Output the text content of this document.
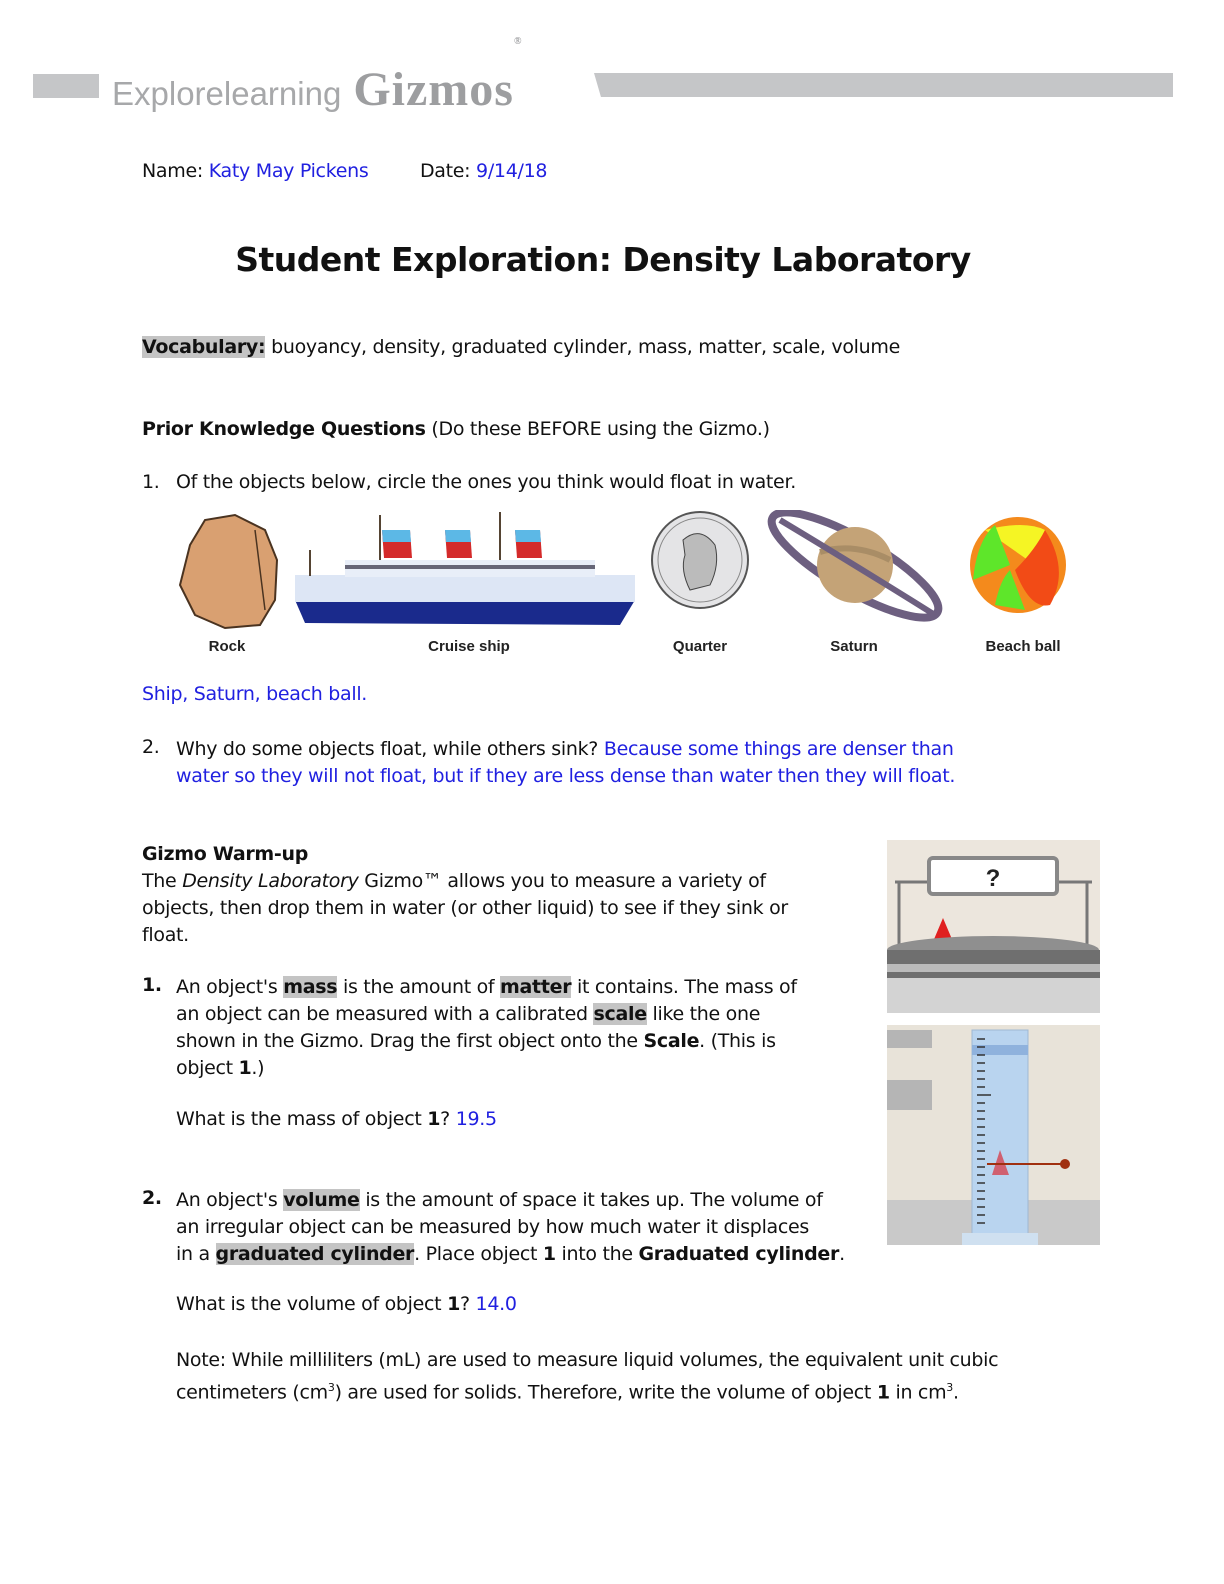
Explorelearning Gizmos®
Name: Katy May Pickens	Date: 9/14/18
Student Exploration: Density Laboratory
Vocabulary: buoyancy, density, graduated cylinder, mass, matter, scale, volume
Prior Knowledge Questions (Do these BEFORE using the Gizmo.)
1. Of the objects below, circle the ones you think would float in water.
Rock	Cruise ship	Quarter	Saturn	Beach ball
Ship, Saturn, beach ball.
2. Why do some objects float, while others sink? Because some things are denser than
water so they will not float, but if they are less dense than water then they will float.
Gizmo Warm-up
The Density Laboratory Gizmo™ allows you to measure a variety of
objects, then drop them in water (or other liquid) to see if they sink or
float.
1. An object's mass is the amount of matter it contains. The mass of
an object can be measured with a calibrated scale like the one
shown in the Gizmo. Drag the first object onto the Scale. (This is
object 1.)
What is the mass of object 1? 19.5
2. An object's volume is the amount of space it takes up. The volume of
an irregular object can be measured by how much water it displaces
in a graduated cylinder. Place object 1 into the Graduated cylinder.
What is the volume of object 1? 14.0
Note: While milliliters (mL) are used to measure liquid volumes, the equivalent unit cubic
centimeters $(cm^3)$ are used for solids. Therefore, write the volume of object 1 in $cm^3$.
?
